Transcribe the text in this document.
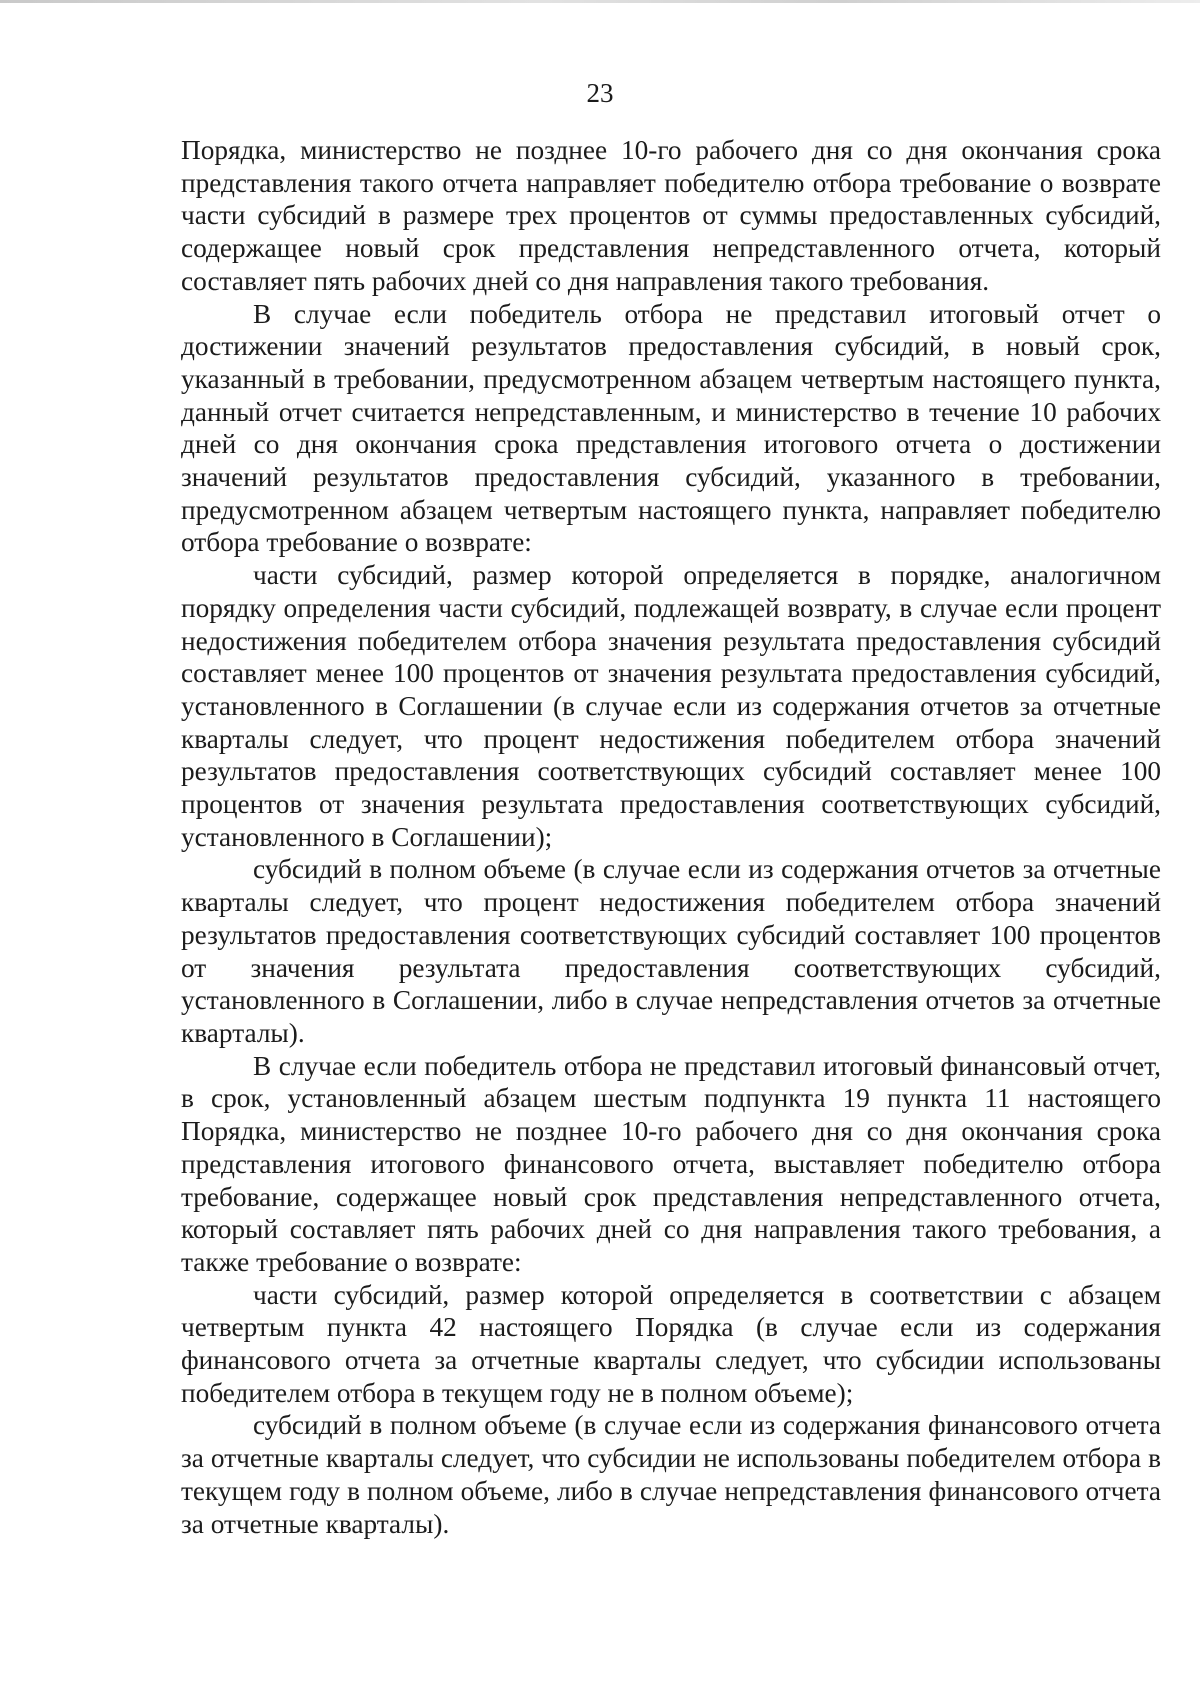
23

Порядка, министерство не позднее 10-го рабочего дня со дня окончания срока представления такого отчета направляет победителю отбора требование о возврате части субсидий в размере трех процентов от суммы предоставленных субсидий, содержащее новый срок представления непредставленного отчета, который составляет пять рабочих дней со дня направления такого требования.

В случае если победитель отбора не представил итоговый отчет о достижении значений результатов предоставления субсидий, в новый срок, указанный в требовании, предусмотренном абзацем четвертым настоящего пункта, данный отчет считается непредставленным, и министерство в течение 10 рабочих дней со дня окончания срока представления итогового отчета о достижении значений результатов предоставления субсидий, указанного в требовании, предусмотренном абзацем четвертым настоящего пункта, направляет победителю отбора требование о возврате:

части субсидий, размер которой определяется в порядке, аналогичном порядку определения части субсидий, подлежащей возврату, в случае если процент недостижения победителем отбора значения результата предоставления субсидий составляет менее 100 процентов от значения результата предоставления субсидий, установленного в Соглашении (в случае если из содержания отчетов за отчетные кварталы следует, что процент недостижения победителем отбора значений результатов предоставления соответствующих субсидий составляет менее 100 процентов от значения результата предоставления соответствующих субсидий, установленного в Соглашении);

субсидий в полном объеме (в случае если из содержания отчетов за отчетные кварталы следует, что процент недостижения победителем отбора значений результатов предоставления соответствующих субсидий составляет 100 процентов от значения результата предоставления соответствующих субсидий, установленного в Соглашении, либо в случае непредставления отчетов за отчетные кварталы).

В случае если победитель отбора не представил итоговый финансовый отчет, в срок, установленный абзацем шестым подпункта 19 пункта 11 настоящего Порядка, министерство не позднее 10-го рабочего дня со дня окончания срока представления итогового финансового отчета, выставляет победителю отбора требование, содержащее новый срок представления непредставленного отчета, который составляет пять рабочих дней со дня направления такого требования, а также требование о возврате:

части субсидий, размер которой определяется в соответствии с абзацем четвертым пункта 42 настоящего Порядка (в случае если из содержания финансового отчета за отчетные кварталы следует, что субсидии использованы победителем отбора в текущем году не в полном объеме);

субсидий в полном объеме (в случае если из содержания финансового отчета за отчетные кварталы следует, что субсидии не использованы победителем отбора в текущем году в полном объеме, либо в случае непредставления финансового отчета за отчетные кварталы).
